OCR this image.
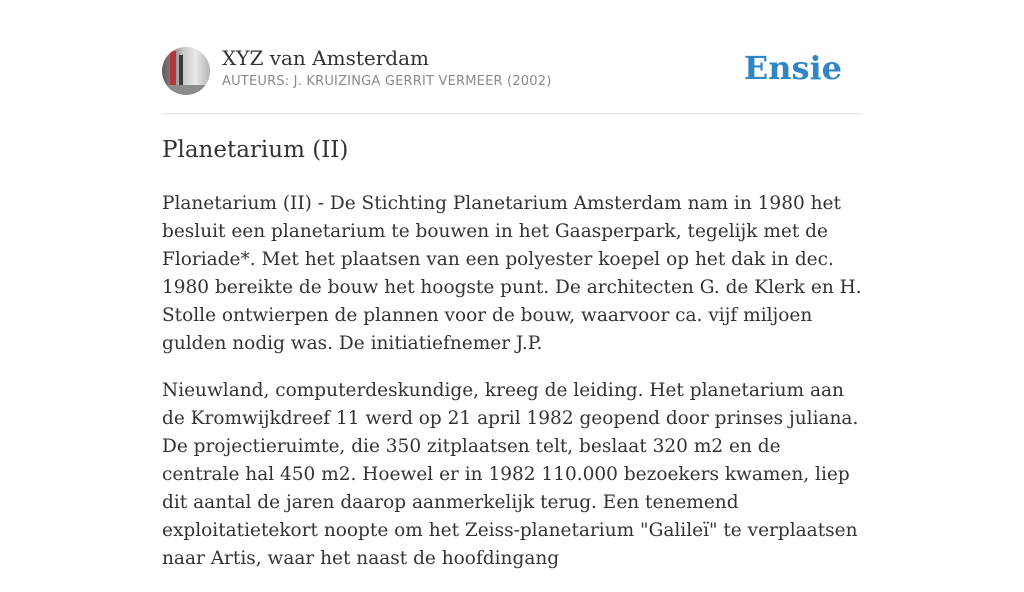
XYZ van Amsterdam
AUTEURS: J. KRUIZINGA GERRIT VERMEER (2002)	Ensie
Planetarium (II)

Planetarium (II) - De Stichting Planetarium Amsterdam nam in 1980 het besluit een planetarium te bouwen in het Gaasperpark, tegelijk met de Floriade*. Met het plaatsen van een polyester koepel op het dak in dec. 1980 bereikte de bouw het hoogste punt. De architecten G. de Klerk en H. Stolle ontwierpen de plannen voor de bouw, waarvoor ca. vijf miljoen gulden nodig was. De initiatiefnemer J.P.

Nieuwland, computerdeskundige, kreeg de leiding. Het planetarium aan de Kromwijkdreef 11 werd op 21 april 1982 geopend door prinses juliana. De projectieruimte, die 350 zitplaatsen telt, beslaat 320 m2 en de centrale hal 450 m2. Hoewel er in 1982 110.000 bezoekers kwamen, liep dit aantal de jaren daarop aanmerkelijk terug. Een tenemend exploitatietekort noopte om het Zeiss-planetarium "Galileï" te verplaatsen naar Artis, waar het naast de hoofdingang
